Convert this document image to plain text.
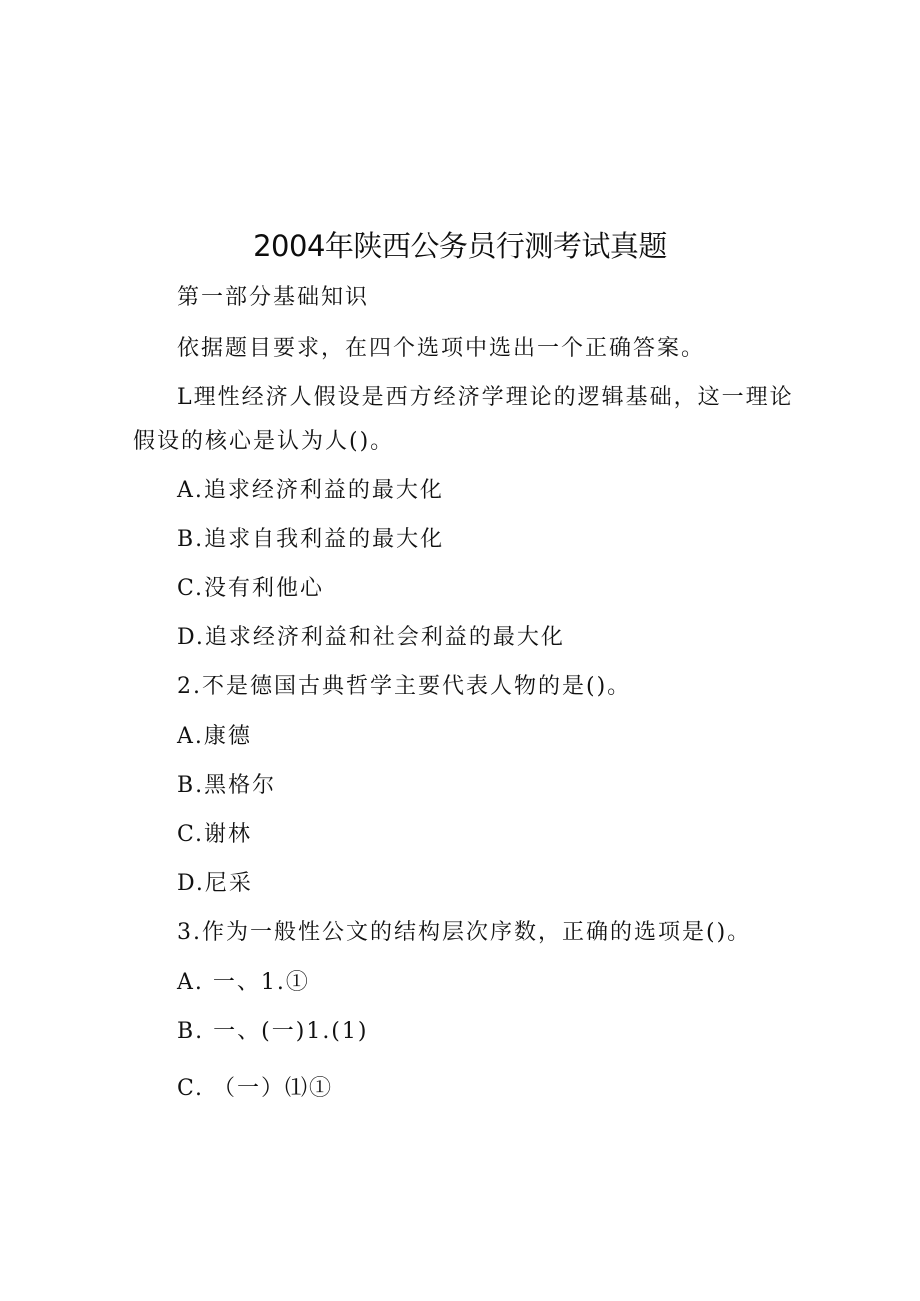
2004年陕西公务员行测考试真题
第一部分基础知识
依据题目要求，在四个选项中选出一个正确答案。
L理性经济人假设是西方经济学理论的逻辑基础，这一理论
假设的核心是认为人()。
A.追求经济利益的最大化
B.追求自我利益的最大化
C.没有利他心
D.追求经济利益和社会利益的最大化
2.不是德国古典哲学主要代表人物的是()。
A.康德
B.黑格尔
C.谢林
D.尼采
3.作为一般性公文的结构层次序数，正确的选项是()。
A. 一、1.①
B. 一、(一)1.(1)
C. （一）⑴①
